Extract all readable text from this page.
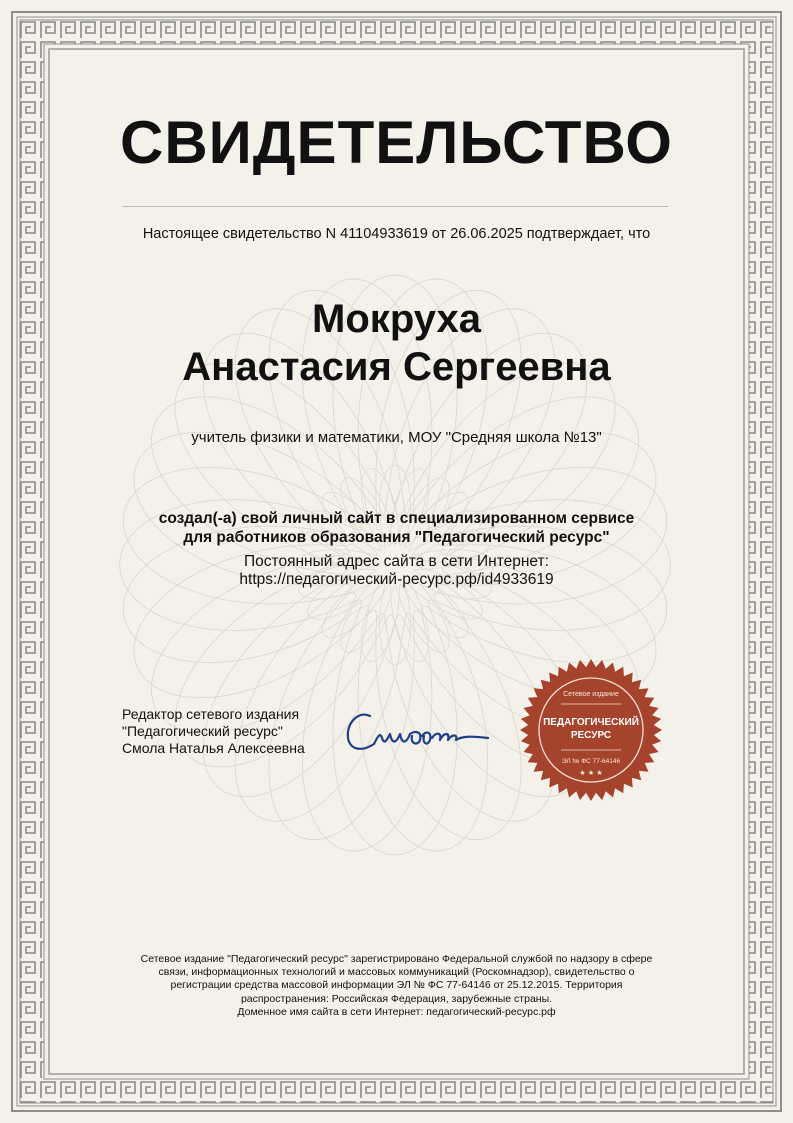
СВИДЕТЕЛЬСТВО
Настоящее свидетельство N 41104933619 от 26.06.2025 подтверждает, что
Мокруха
Анастасия Сергеевна
учитель физики и математики, МОУ "Средняя школа №13"
создал(-а) свой личный сайт в специализированном сервисе
для работников образования "Педагогический ресурс"
Постоянный адрес сайта в сети Интернет:
https://педагогический-ресурс.рф/id4933619
Редактор сетевого издания
"Педагогический ресурс"
Смола Наталья Алексеевна
Сетевое издание
ПЕДАГОГИЧЕСКИЙ
РЕСУРС
ЭЛ № ФС 77-64146
★ ★ ★
Сетевое издание "Педагогический ресурс" зарегистрировано Федеральной службой по надзору в сфере
связи, информационных технологий и массовых коммуникаций (Роскомнадзор), свидетельство о
регистрации средства массовой информации ЭЛ № ФС 77-64146 от 25.12.2015. Территория
распространения: Российская Федерация, зарубежные страны.
Доменное имя сайта в сети Интернет: педагогический-ресурс.рф
